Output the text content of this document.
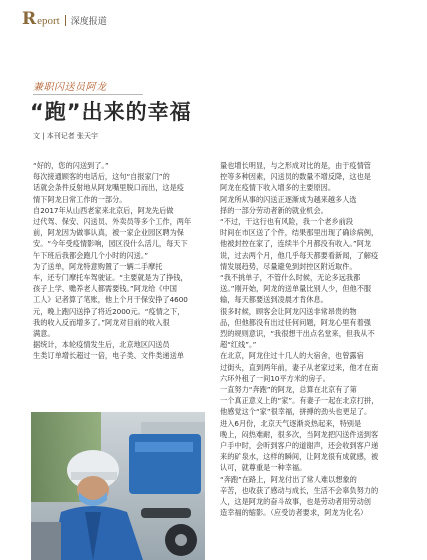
R eport 深度报道
兼职闪送员阿龙
“跑”出来的幸福
文 | 本刊记者 张天宇

“好的，您的闪送到了。”

每次接通顾客的电话后，这句“自报家门”的

话就会条件反射地从阿龙嘴里脱口而出，这是疫

情下阿龙日常工作的一部分。

自2017年从山西老家来北京后，阿龙先后做

过代驾、保安、闪送员、外卖员等多个工作，两年

前，阿龙因为做事认真，被一家企业园区聘为保

安。“今年受疫情影响，园区没什么活儿，每天下

午下班后我都会跑几个小时的闪送。”

为了送单，阿龙特意购置了一辆二手摩托

车，还专门摩托车驾驶证。“主要就是为了挣钱，

孩子上学、赡养老人都需要钱。”阿龙给《中国

工人》记者算了笔账，他上个月干保安挣了4600

元，晚上跑闪送挣了将近2000元。“疫情之下，

我的收入反而增多了。”阿龙对目前的收入很

满意。

据统计，本轮疫情发生后，北京地区闪送员

生类订单增长超过一倍，电子类、文件类递送单

量也增长明显，与之形成对比的是，由于疫情管

控等多种因素，闪送员的数量不增反降，这也是

阿龙在疫情下收入增多的主要原因。

阿龙所从事的闪送正逐渐成为越来越多人选

择的一部分劳动者新的就业机会。

“不过，干这行也有风险，我一个老乡前段

时间在市区送了个件，结果那里出现了确诊病例，

他被封控在家了，连续半个月都没有收入。”阿龙

说，过去两个月，他几乎每天都要看新闻，了解疫

情发展趋势，尽量避免到封控区附近取件。

“我不挑单子，不管什么时候，无论多远我都

送。”刚开始，阿龙的送单量比别人少，但他不服

输，每天都要送到凌晨才肯休息。

很多时候，顾客会让阿龙闪送非常昂贵的物

品，但他都没有出过任何问题，阿龙心里有着强

烈的规则意识，“我很想干出点名堂来，但我从不

超“红线”。”

在北京，阿龙住过十几人的大宿舍，也曾露宿

过街头，直到两年前，妻子从老家过来，他才在南

六环外租了一间10平方米的房子。

一直努力“奔跑”的阿龙，总算在北京有了第

一个真正意义上的“家”。有妻子一起在北京打拼，

他感觉这个“家”很幸福，拼搏的劲头也更足了。

进入6月份，北京天气逐渐炎热起来，特别是

晚上，闷热难耐，很多次，当阿龙把闪送件送到客

户手中时，会听到客户的道谢声，还会收到客户递

来的矿泉水，这样的瞬间，让阿龙很有成就感，被

认可，就尊重是一种幸福。

“奔跑”在路上，阿龙付出了常人难以想象的

辛苦，也收获了感动与成长，生活不会辜负努力的

人，这是阿龙的奋斗故事，也是劳动者用劳动创

造幸福的缩影。（应受访者要求，阿龙为化名）
